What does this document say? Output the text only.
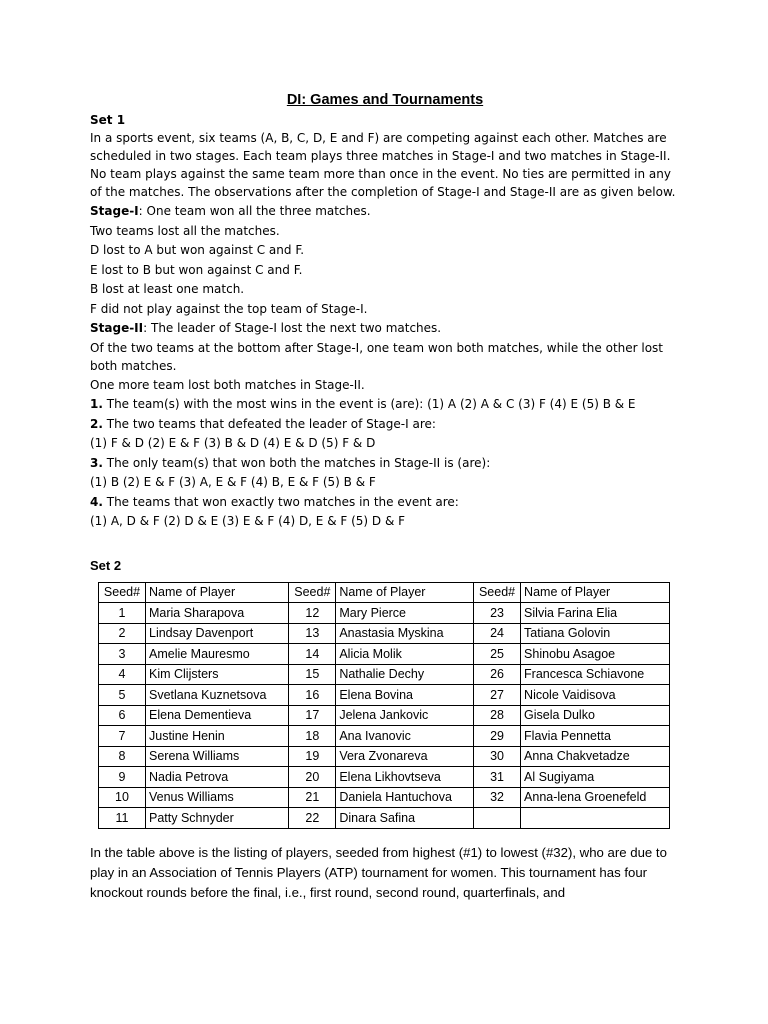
DI: Games and Tournaments
Set 1

In a sports event, six teams (A, B, C, D, E and F) are competing against each other. Matches are scheduled in two stages. Each team plays three matches in Stage-I and two matches in Stage-II. No team plays against the same team more than once in the event. No ties are permitted in any of the matches. The observations after the completion of Stage-I and Stage-II are as given below.

Stage-I: One team won all the three matches.

Two teams lost all the matches.

D lost to A but won against C and F.

E lost to B but won against C and F.

B lost at least one match.

F did not play against the top team of Stage-I.

Stage-II: The leader of Stage-I lost the next two matches.

Of the two teams at the bottom after Stage-I, one team won both matches, while the other lost both matches.

One more team lost both matches in Stage-II.

1. The team(s) with the most wins in the event is (are): (1) A (2) A & C (3) F (4) E (5) B & E

2. The two teams that defeated the leader of Stage-I are:

(1) F & D (2) E & F (3) B & D (4) E & D (5) F & D

3. The only team(s) that won both the matches in Stage-II is (are):

(1) B (2) E & F (3) A, E & F (4) B, E & F (5) B & F

4. The teams that won exactly two matches in the event are:

(1) A, D & F (2) D & E (3) E & F (4) D, E & F (5) D & F

Set 2
Seed#	Name of Player	Seed#	Name of Player	Seed#	Name of Player
1	Maria Sharapova	12	Mary Pierce	23	Silvia Farina Elia
2	Lindsay Davenport	13	Anastasia Myskina	24	Tatiana Golovin
3	Amelie Mauresmo	14	Alicia Molik	25	Shinobu Asagoe
4	Kim Clijsters	15	Nathalie Dechy	26	Francesca Schiavone
5	Svetlana Kuznetsova	16	Elena Bovina	27	Nicole Vaidisova
6	Elena Dementieva	17	Jelena Jankovic	28	Gisela Dulko
7	Justine Henin	18	Ana Ivanovic	29	Flavia Pennetta
8	Serena Williams	19	Vera Zvonareva	30	Anna Chakvetadze
9	Nadia Petrova	20	Elena Likhovtseva	31	Al Sugiyama
10	Venus Williams	21	Daniela Hantuchova	32	Anna-lena Groenefeld
11	Patty Schnyder	22	Dinara Safina		
In the table above is the listing of players, seeded from highest (#1) to lowest (#32), who are due to play in an Association of Tennis Players (ATP) tournament for women. This tournament has four knockout rounds before the final, i.e., first round, second round, quarterfinals, and
